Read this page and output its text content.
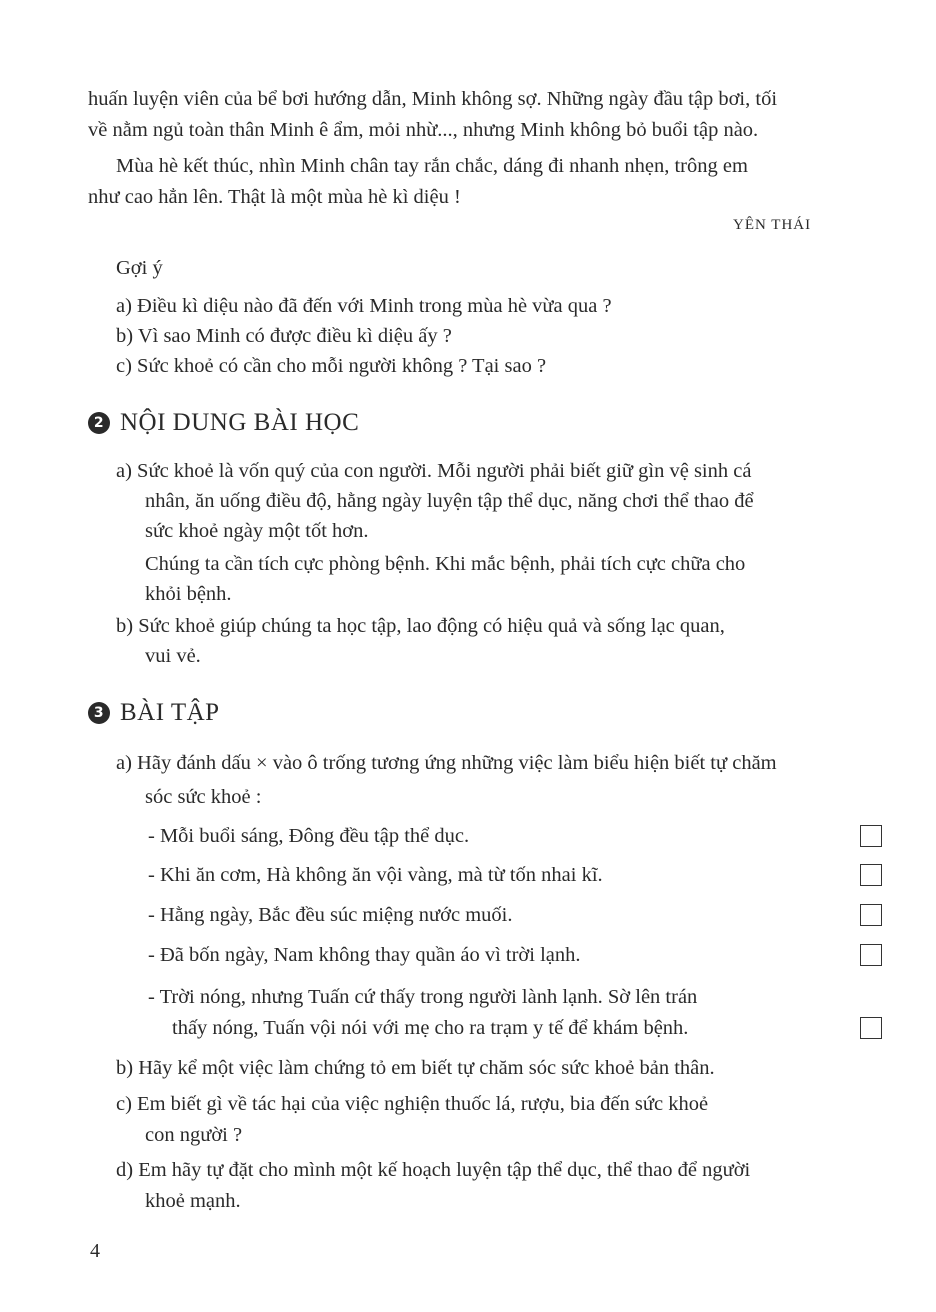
huấn luyện viên của bể bơi hướng dẫn, Minh không sợ. Những ngày đầu tập bơi, tối
về nằm ngủ toàn thân Minh ê ẩm, mỏi nhừ..., nhưng Minh không bỏ buổi tập nào.
Mùa hè kết thúc, nhìn Minh chân tay rắn chắc, dáng đi nhanh nhẹn, trông em
như cao hẳn lên. Thật là một mùa hè kì diệu !
YÊN THÁI
Gợi ý
a) Điều kì diệu nào đã đến với Minh trong mùa hè vừa qua ?
b) Vì sao Minh có được điều kì diệu ấy ?
c) Sức khoẻ có cần cho mỗi người không ? Tại sao ?
2 NỘI DUNG BÀI HỌC
a) Sức khoẻ là vốn quý của con người. Mỗi người phải biết giữ gìn vệ sinh cá
nhân, ăn uống điều độ, hằng ngày luyện tập thể dục, năng chơi thể thao để
sức khoẻ ngày một tốt hơn.
Chúng ta cần tích cực phòng bệnh. Khi mắc bệnh, phải tích cực chữa cho
khỏi bệnh.
b) Sức khoẻ giúp chúng ta học tập, lao động có hiệu quả và sống lạc quan,
vui vẻ.
3 BÀI TẬP
a) Hãy đánh dấu × vào ô trống tương ứng những việc làm biểu hiện biết tự chăm
sóc sức khoẻ :
- Mỗi buổi sáng, Đông đều tập thể dục.
- Khi ăn cơm, Hà không ăn vội vàng, mà từ tốn nhai kĩ.
- Hằng ngày, Bắc đều súc miệng nước muối.
- Đã bốn ngày, Nam không thay quần áo vì trời lạnh.
- Trời nóng, nhưng Tuấn cứ thấy trong người lành lạnh. Sờ lên trán
thấy nóng, Tuấn vội nói với mẹ cho ra trạm y tế để khám bệnh.
b) Hãy kể một việc làm chứng tỏ em biết tự chăm sóc sức khoẻ bản thân.
c) Em biết gì về tác hại của việc nghiện thuốc lá, rượu, bia đến sức khoẻ
con người ?
d) Em hãy tự đặt cho mình một kế hoạch luyện tập thể dục, thể thao để người
khoẻ mạnh.
4
